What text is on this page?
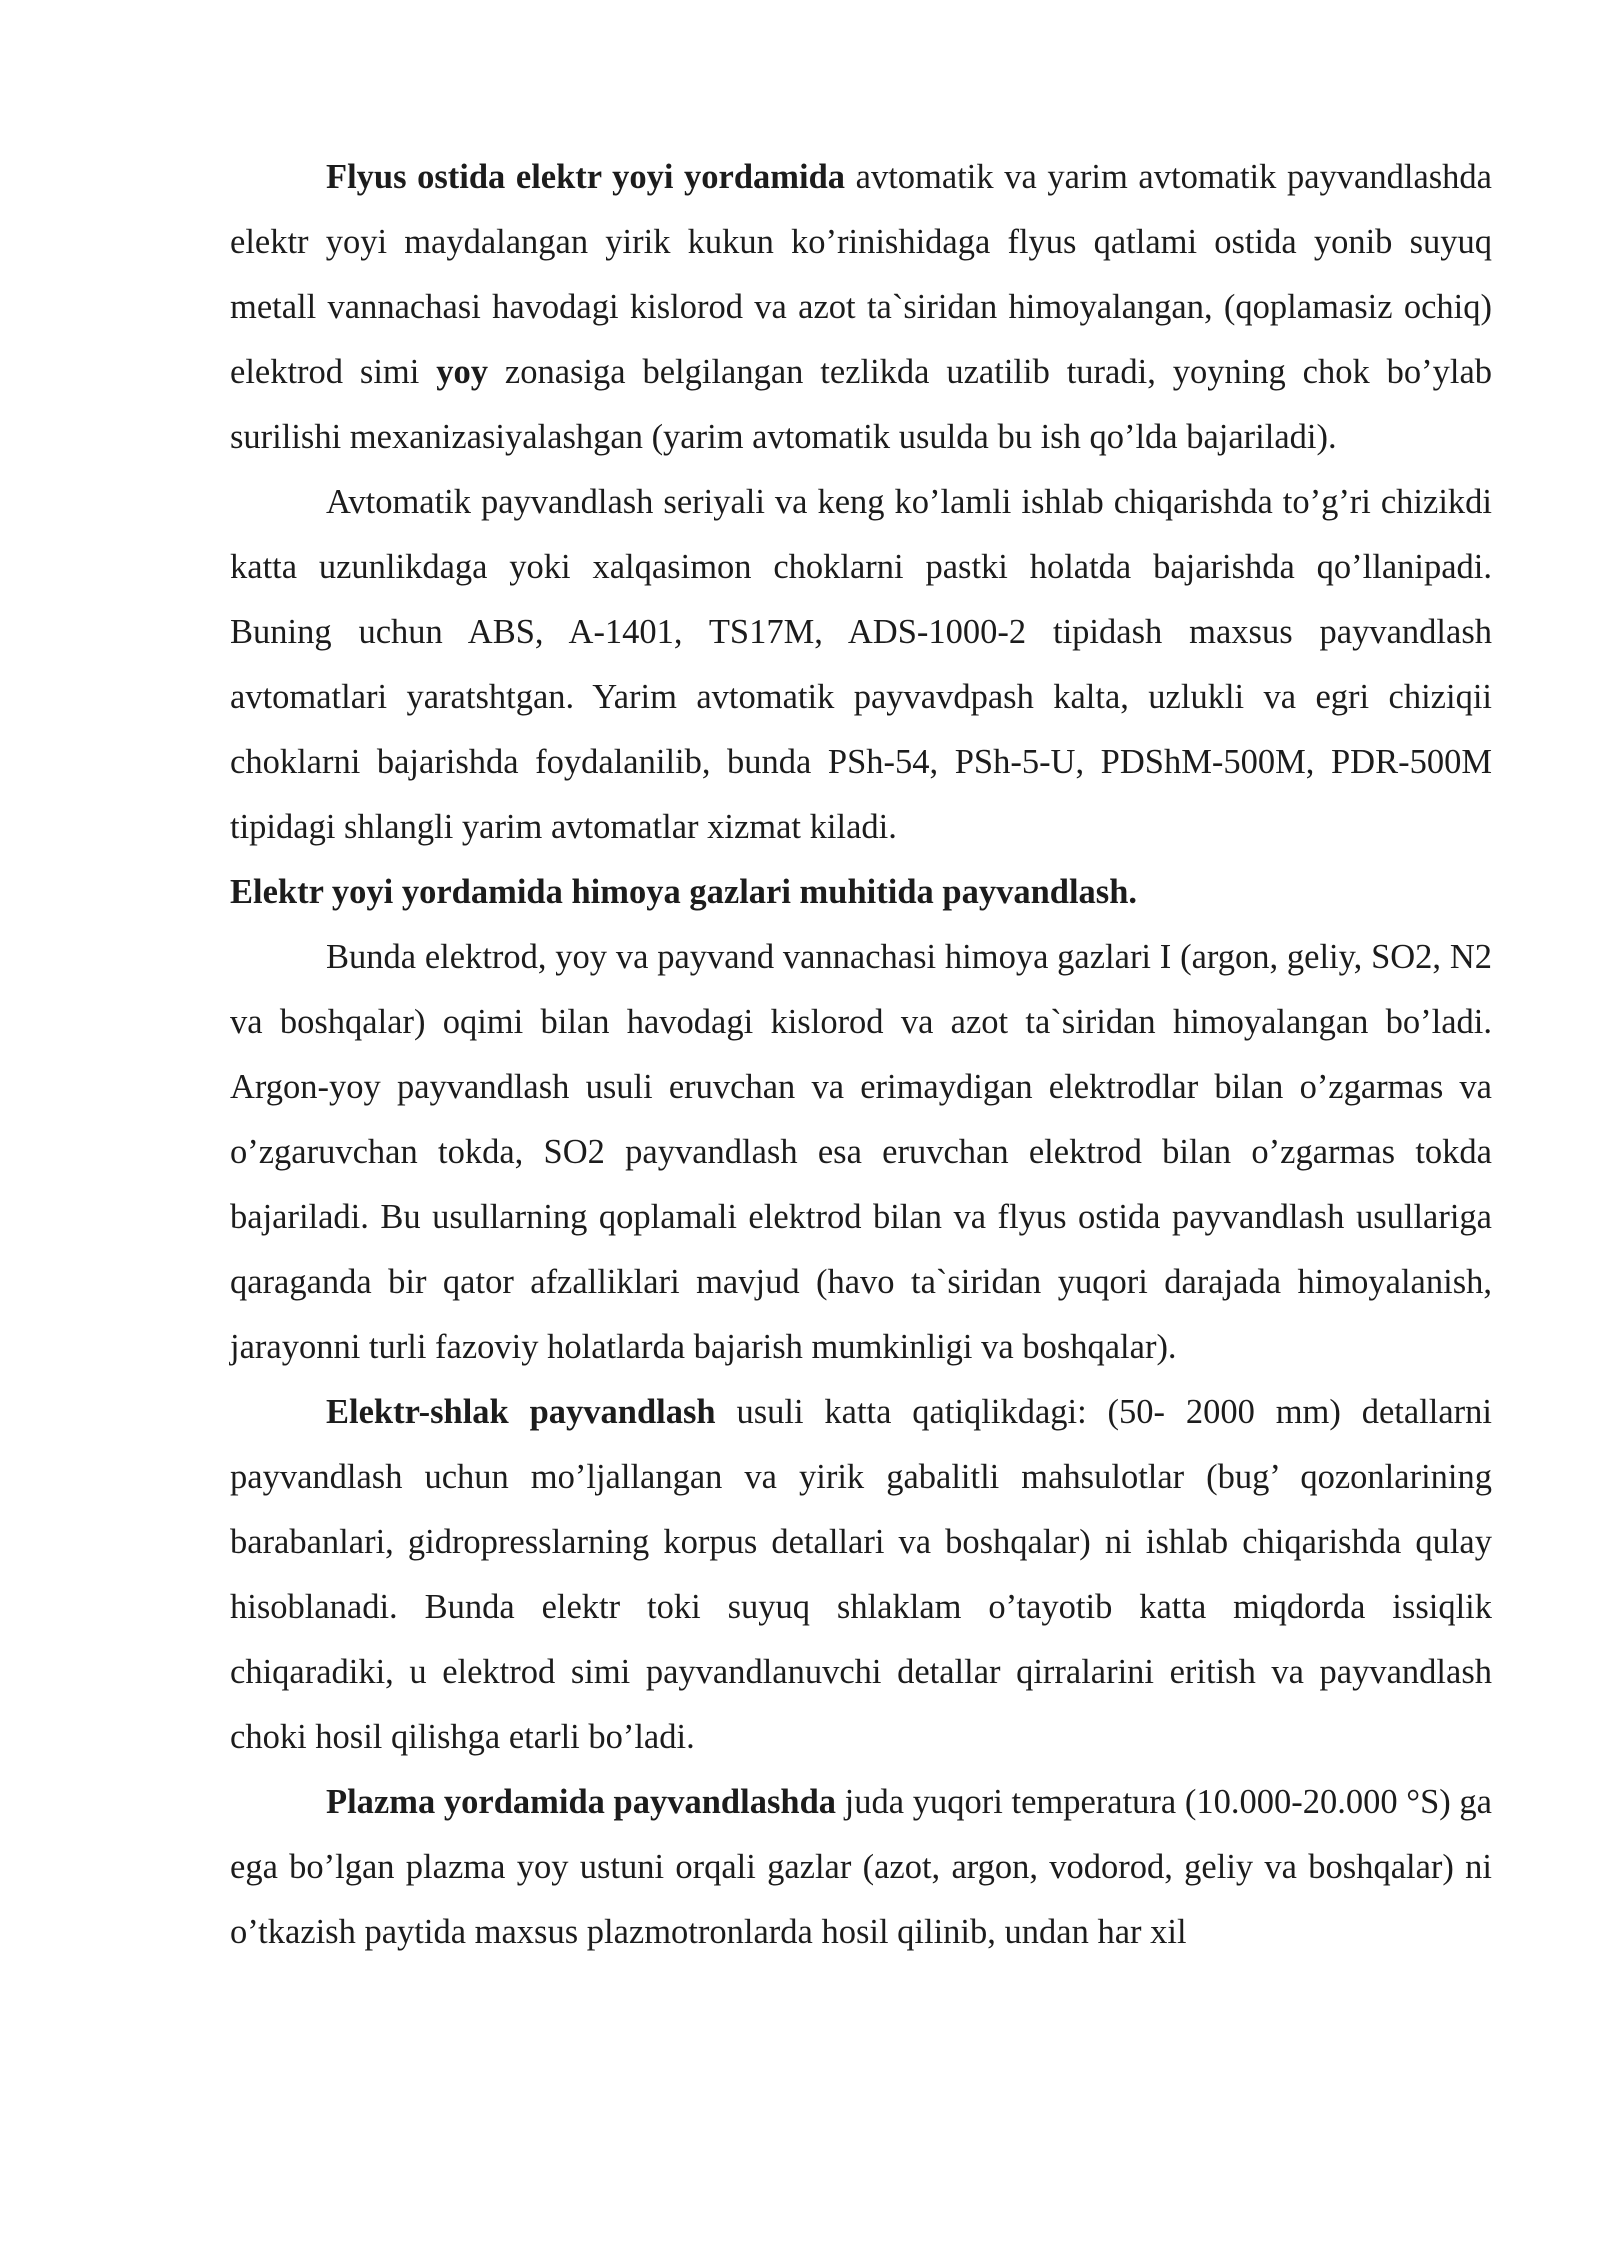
Flyus ostida elektr yoyi yordamida avtomatik va yarim avtomatik payvandlashda elektr yoyi maydalangan yirik kukun ko’rinishidaga flyus qatlami ostida yonib suyuq metall vannachasi havodagi kislorod va azot ta`siridan himoyalangan, (qoplamasiz ochiq) elektrod simi yoy zonasiga belgilangan tezlikda uzatilib turadi, yoyning chok bo’ylab surilishi mexanizasiyalashgan (yarim avtomatik usulda bu ish qo’lda bajariladi).

Avtomatik payvandlash seriyali va keng ko’lamli ishlab chiqarishda to’g’ri chizikdi katta uzunlikdaga yoki xalqasimon choklarni pastki holatda bajarishda qo’llanipadi. Buning uchun ABS, A-1401, TS17M, ADS-1000-2 tipidash maxsus payvandlash avtomatlari yaratshtgan. Yarim avtomatik payvavdpash kalta, uzlukli va egri chiziqii choklarni bajarishda foydalanilib, bunda PSh-54, PSh-5-U, PDShM-500M, PDR-500M tipidagi shlangli yarim avtomatlar xizmat kiladi.

Elektr yoyi yordamida himoya gazlari muhitida payvandlash.

Bunda elektrod, yoy va payvand vannachasi himoya gazlari I (argon, geliy, SO2, N2 va boshqalar) oqimi bilan havodagi kislorod va azot ta`siridan himoyalangan bo’ladi. Argon-yoy payvandlash usuli eruvchan va erimaydigan elektrodlar bilan o’zgarmas va o’zgaruvchan tokda, SO2 payvandlash esa eruvchan elektrod bilan o’zgarmas tokda bajariladi. Bu usullarning qoplamali elektrod bilan va flyus ostida payvandlash usullariga qaraganda bir qator afzalliklari mavjud (havo ta`siridan yuqori darajada himoyalanish, jarayonni turli fazoviy holatlarda bajarish mumkinligi va boshqalar).

Elektr-shlak payvandlash usuli katta qatiqlikdagi: (50- 2000 mm) detallarni payvandlash uchun mo’ljallangan va yirik gabalitli mahsulotlar (bug’ qozonlarining barabanlari, gidropresslarning korpus detallari va boshqalar) ni ishlab chiqarishda qulay hisoblanadi. Bunda elektr toki suyuq shlaklam o’tayotib katta miqdorda issiqlik chiqaradiki, u elektrod simi payvandlanuvchi detallar qirralarini eritish va payvandlash choki hosil qilishga etarli bo’ladi.

Plazma yordamida payvandlashda juda yuqori temperatura (10.000-20.000 °S) ga ega bo’lgan plazma yoy ustuni orqali gazlar (azot, argon, vodorod, geliy va boshqalar) ni o’tkazish paytida maxsus plazmotronlarda hosil qilinib, undan har xil
